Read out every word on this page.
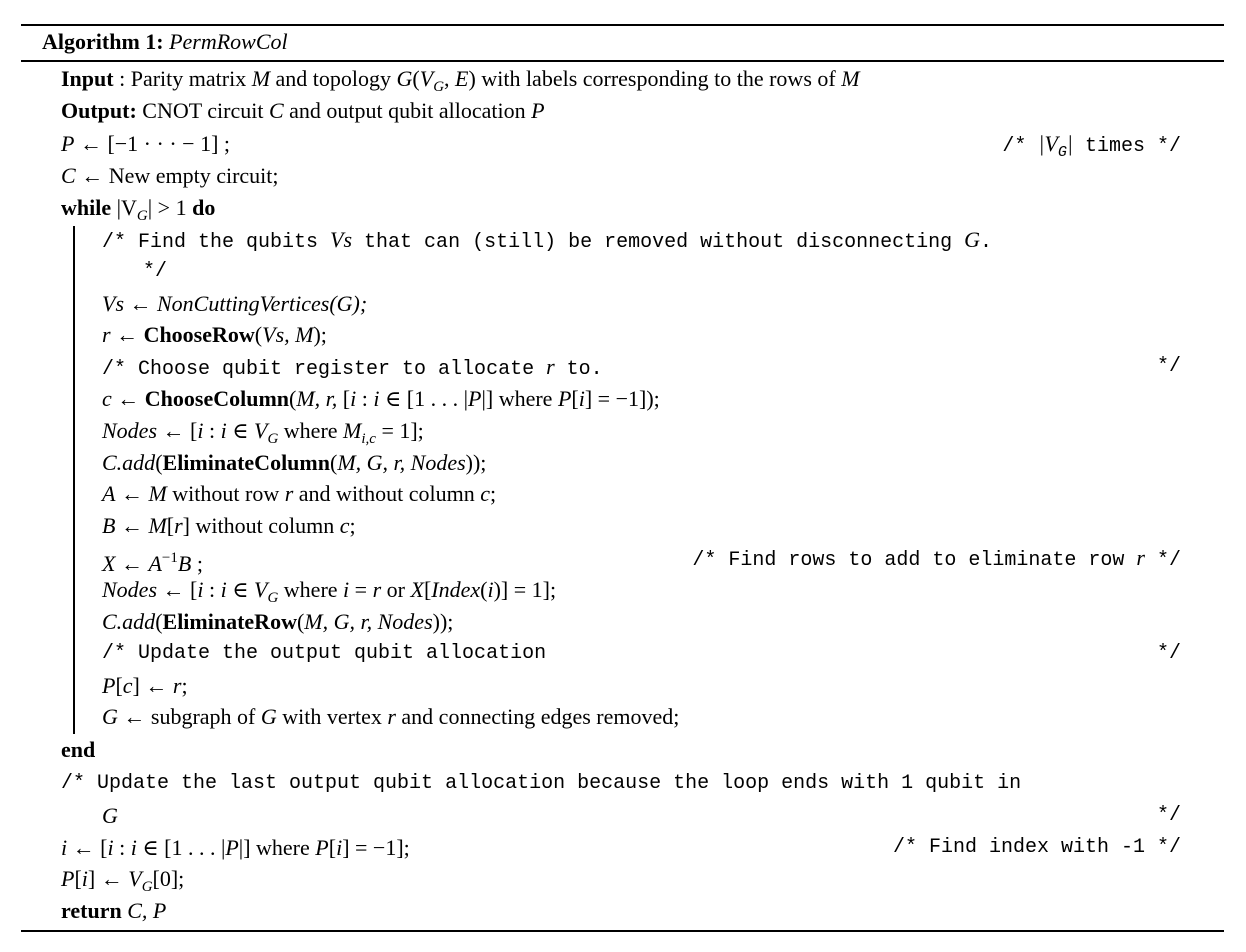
Algorithm 1: PermRowCol
Input : Parity matrix M and topology $G(V_G$, E) with labels corresponding to the rows of M
Output: CNOT circuit C and output qubit allocation P
P ← [−1 · · · − 1] ;	/* $|V_G|$ times */
C ← New empty circuit;
while $|V_G| > 1$ do
/* Find the qubits Vs that can (still) be removed without disconnecting G.
*/
Vs ← NonCuttingVertices(G);
r ← ChooseRow(Vs, M);
/* Choose qubit register to allocate r to.	*/
c ← ChooseColumn(M, r, [i : i ∈ [1 . . . |P|] where P[i] = −1]);
Nodes ← [i : i ∈ $V_G$ where $M_{i,c} = 1$];
C.add(EliminateColumn(M, G, r, Nodes));
A ← M without row r and without column c;
B ← M[r] without column c;
X ← $A^{-1}B$ ;	/* Find rows to add to eliminate row r */
Nodes ← [i : i ∈ $V_G$ where i = r or X[Index(i)] = 1];
C.add(EliminateRow(M, G, r, Nodes));
/* Update the output qubit allocation	*/
P[c] ← r;
G ← subgraph of G with vertex r and connecting edges removed;
end
/* Update the last output qubit allocation because the loop ends with 1 qubit in
G	*/
i ← [i : i ∈ [1 . . . |P|] where P[i] = −1];	/* Find index with -1 */
P[i] ← $V_G[0]$;
return C, P
